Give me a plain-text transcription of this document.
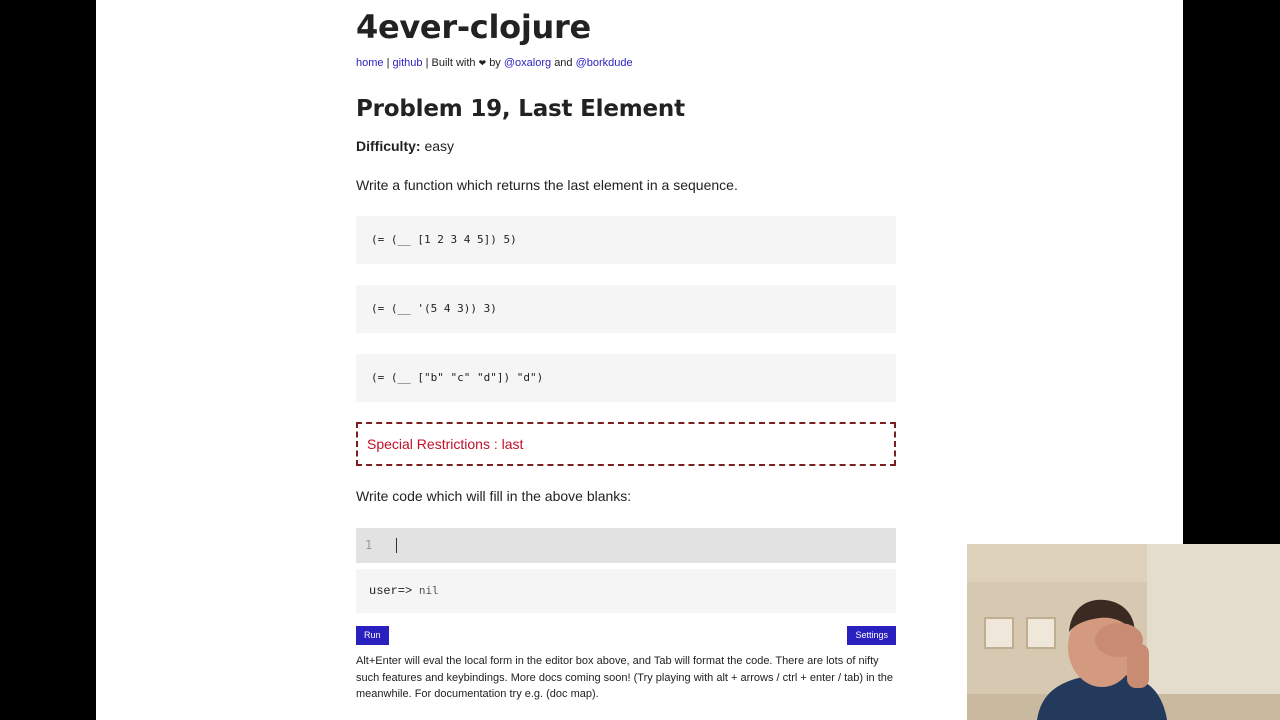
4ever-clojure
home | github | Built with ❤ by @oxalorg and @borkdude
Problem 19, Last Element
Difficulty: easy
Write a function which returns the last element in a sequence.
(= (__ [1 2 3 4 5]) 5)
(= (__ '(5 4 3)) 3)
(= (__ ["b" "c" "d"]) "d")
Special Restrictions : last
Write code which will fill in the above blanks:
1
user=> nil
Run	Settings
Alt+Enter will eval the local form in the editor box above, and Tab will format the code. There are lots of nifty such features and keybindings. More docs coming soon! (Try playing with alt + arrows / ctrl + enter / tab) in the meanwhile. For documentation try e.g. (doc map).
